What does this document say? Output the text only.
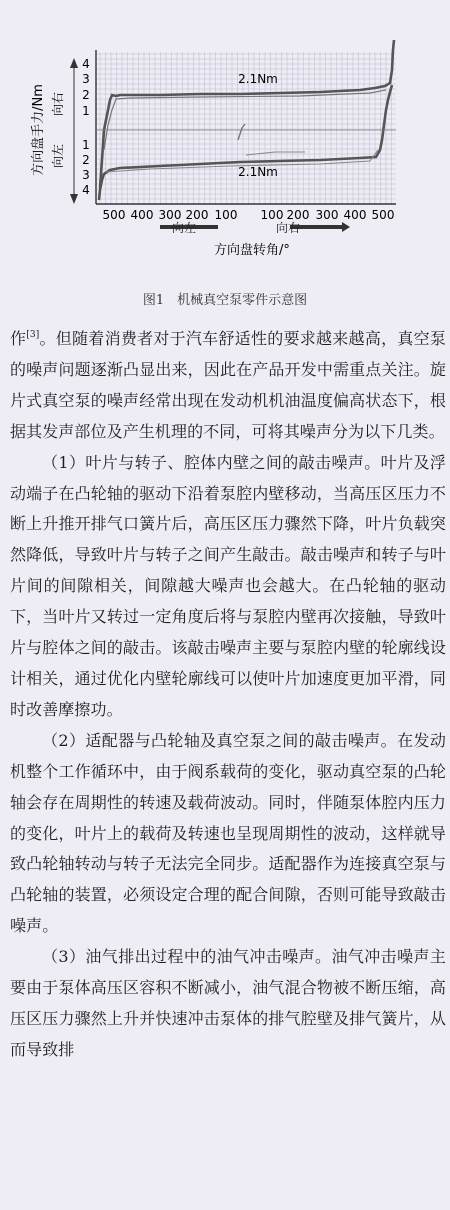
1
2
3
4
1
2
3
4
方向盘手力/Nm 向右
向左
500 400 300 200 100 100 200 300 400 500
向左	向右
方向盘转角/°
2.1Nm
2.1Nm
图1　机械真空泵零件示意图

作[3]。但随着消费者对于汽车舒适性的要求越来越高，真空泵的噪声问题逐渐凸显出来，因此在产品开发中需重点关注。旋片式真空泵的噪声经常出现在发动机机油温度偏高状态下，根据其发声部位及产生机理的不同，可将其噪声分为以下几类。

（1）叶片与转子、腔体内壁之间的敲击噪声。叶片及浮动端子在凸轮轴的驱动下沿着泵腔内壁移动，当高压区压力不断上升推开排气口簧片后，高压区压力骤然下降，叶片负载突然降低，导致叶片与转子之间产生敲击。敲击噪声和转子与叶片间的间隙相关，间隙越大噪声也会越大。在凸轮轴的驱动下，当叶片又转过一定角度后将与泵腔内壁再次接触，导致叶片与腔体之间的敲击。该敲击噪声主要与泵腔内壁的轮廓线设计相关，通过优化内壁轮廓线可以使叶片加速度更加平滑，同时改善摩擦功。

（2）适配器与凸轮轴及真空泵之间的敲击噪声。在发动机整个工作循环中，由于阀系载荷的变化，驱动真空泵的凸轮轴会存在周期性的转速及载荷波动。同时，伴随泵体腔内压力的变化，叶片上的载荷及转速也呈现周期性的波动，这样就导致凸轮轴转动与转子无法完全同步。适配器作为连接真空泵与凸轮轴的装置，必须设定合理的配合间隙，否则可能导致敲击噪声。

（3）油气排出过程中的油气冲击噪声。油气冲击噪声主要由于泵体高压区容积不断减小，油气混合物被不断压缩，高压区压力骤然上升并快速冲击泵体的排气腔壁及排气簧片，从而导致排
